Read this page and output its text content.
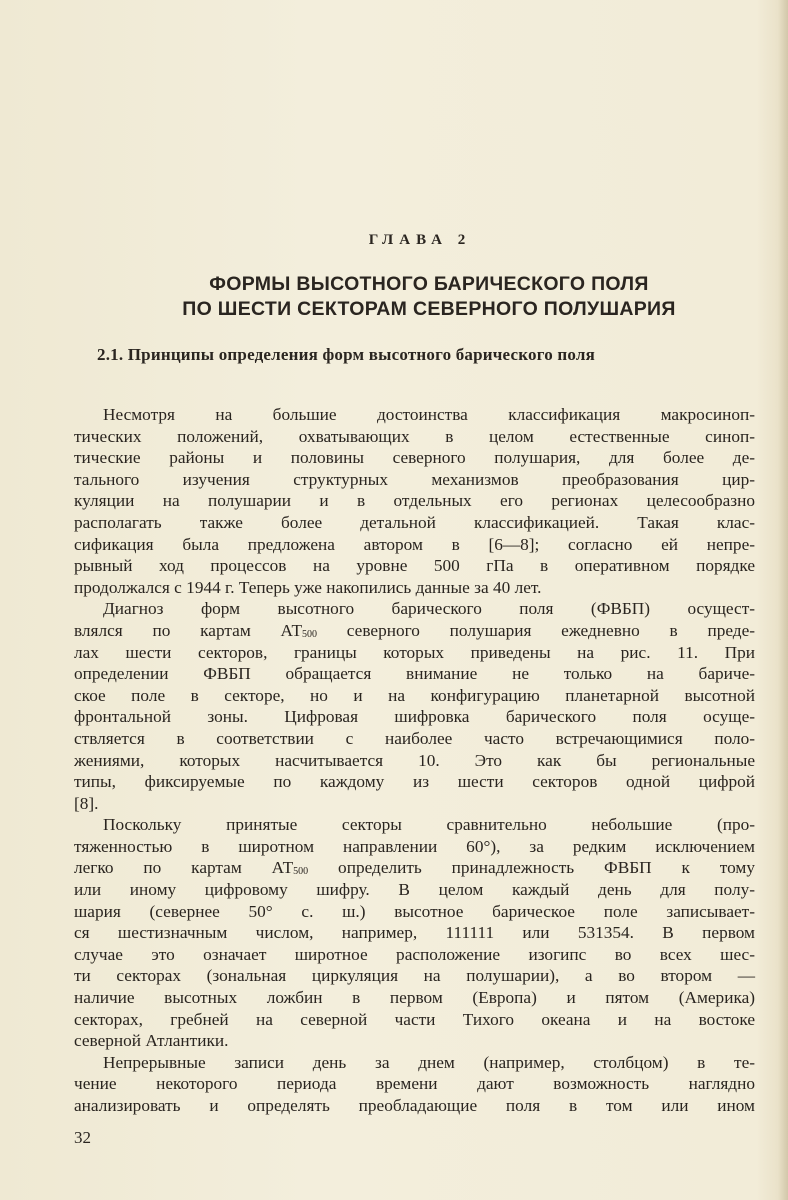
ГЛАВА 2
ФОРМЫ ВЫСОТНОГО БАРИЧЕСКОГО ПОЛЯ
ПО ШЕСТИ СЕКТОРАМ СЕВЕРНОГО ПОЛУШАРИЯ
2.1. Принципы определения форм высотного барического поля
Несмотря на большие достоинства классификация макросиноп-
тических положений, охватывающих в целом естественные синоп-
тические районы и половины северного полушария, для более де-
тального изучения структурных механизмов преобразования цир-
куляции на полушарии и в отдельных его регионах целесообразно
располагать также более детальной классификацией. Такая клас-
сификация была предложена автором в [6—8]; согласно ей непре-
рывный ход процессов на уровне 500 гПа в оперативном порядке
продолжался с 1944 г. Теперь уже накопились данные за 40 лет.
Диагноз форм высотного барического поля (ФВБП) осущест-
влялся по картам $АТ_{500}$ северного полушария ежедневно в преде-
лах шести секторов, границы которых приведены на рис. 11. При
определении ФВБП обращается внимание не только на бариче-
ское поле в секторе, но и на конфигурацию планетарной высотной
фронтальной зоны. Цифровая шифровка барического поля осуще-
ствляется в соответствии с наиболее часто встречающимися поло-
жениями, которых насчитывается 10. Это как бы региональные
типы, фиксируемые по каждому из шести секторов одной цифрой
[8].
Поскольку принятые секторы сравнительно небольшие (про-
тяженностью в широтном направлении 60°), за редким исключением
легко по картам $АТ_{500}$ определить принадлежность ФВБП к тому
или иному цифровому шифру. В целом каждый день для полу-
шария (севернее 50° с. ш.) высотное барическое поле записывает-
ся шестизначным числом, например, 111111 или 531354. В первом
случае это означает широтное расположение изогипс во всех шес-
ти секторах (зональная циркуляция на полушарии), а во втором —
наличие высотных ложбин в первом (Европа) и пятом (Америка)
секторах, гребней на северной части Тихого океана и на востоке
северной Атлантики.
Непрерывные записи день за днем (например, столбцом) в те-
чение некоторого периода времени дают возможность наглядно
анализировать и определять преобладающие поля в том или ином
32
